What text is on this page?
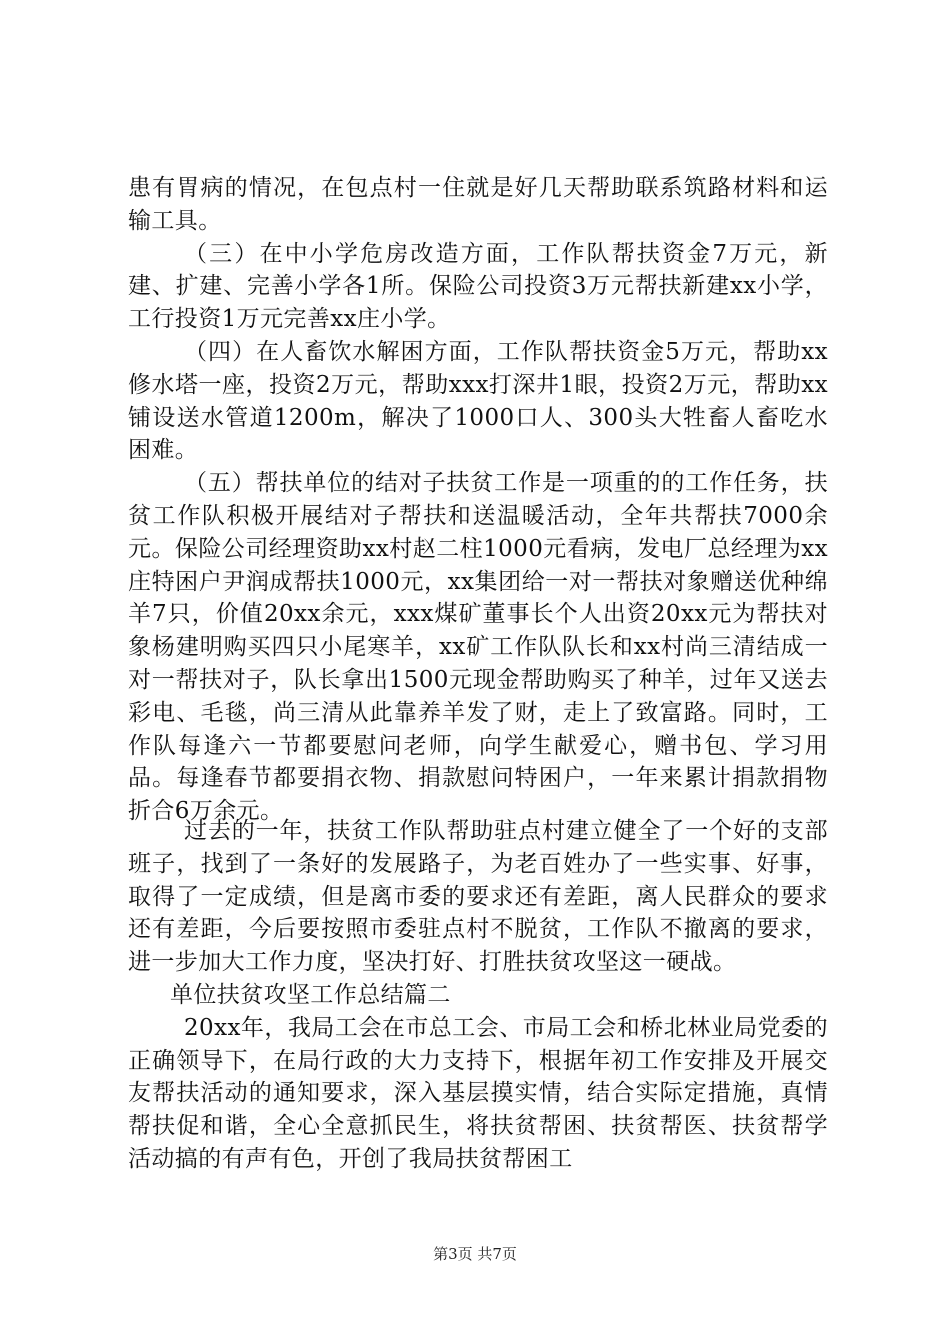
患有胃病的情况，在包点村一住就是好几天帮助联系筑路材料和运输工具。

（三）在中小学危房改造方面，工作队帮扶资金7万元，新建、扩建、完善小学各1所。保险公司投资3万元帮扶新建xx小学，工行投资1万元完善xx庄小学。

（四）在人畜饮水解困方面，工作队帮扶资金5万元，帮助xx修水塔一座，投资2万元，帮助xxx打深井1眼，投资2万元，帮助xx铺设送水管道1200m，解决了1000口人、300头大牲畜人畜吃水困难。

（五）帮扶单位的结对子扶贫工作是一项重的的工作任务，扶贫工作队积极开展结对子帮扶和送温暖活动，全年共帮扶7000余元。保险公司经理资助xx村赵二柱1000元看病，发电厂总经理为xx庄特困户尹润成帮扶1000元，xx集团给一对一帮扶对象赠送优种绵羊7只，价值20xx余元，xxx煤矿董事长个人出资20xx元为帮扶对象杨建明购买四只小尾寒羊，xx矿工作队队长和xx村尚三清结成一对一帮扶对子，队长拿出1500元现金帮助购买了种羊，过年又送去彩电、毛毯，尚三清从此靠养羊发了财，走上了致富路。同时，工作队每逢六一节都要慰问老师，向学生献爱心，赠书包、学习用品。每逢春节都要捐衣物、捐款慰问特困户，一年来累计捐款捐物折合6万余元。

过去的一年，扶贫工作队帮助驻点村建立健全了一个好的支部班子，找到了一条好的发展路子，为老百姓办了一些实事、好事，取得了一定成绩，但是离市委的要求还有差距，离人民群众的要求还有差距，今后要按照市委驻点村不脱贫，工作队不撤离的要求，进一步加大工作力度，坚决打好、打胜扶贫攻坚这一硬战。

单位扶贫攻坚工作总结篇二

20xx年，我局工会在市总工会、市局工会和桥北林业局党委的正确领导下，在局行政的大力支持下，根据年初工作安排及开展交友帮扶活动的通知要求，深入基层摸实情，结合实际定措施，真情帮扶促和谐，全心全意抓民生，将扶贫帮困、扶贫帮医、扶贫帮学活动搞的有声有色，开创了我局扶贫帮困工

第3页 共7页
